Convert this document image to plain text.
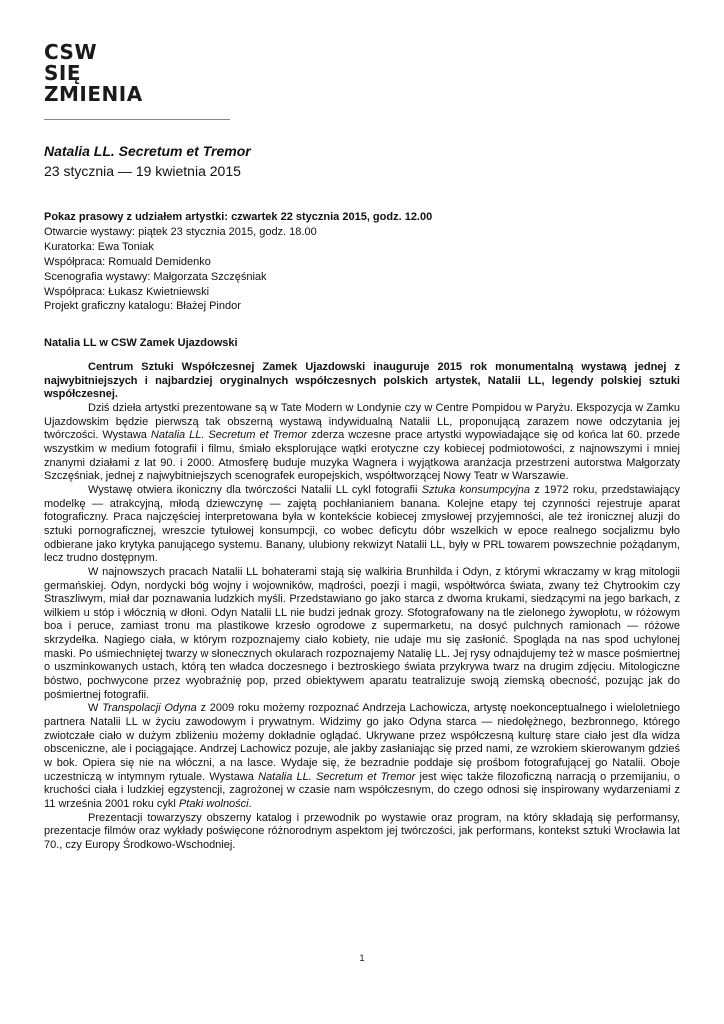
CSW
SIĘ
ZMIENIA
Natalia LL. Secretum et Tremor

23 stycznia — 19 kwietnia 2015

Pokaz prasowy z udziałem artystki: czwartek 22 stycznia 2015, godz. 12.00
Otwarcie wystawy: piątek 23 stycznia 2015, godz. 18.00
Kuratorka: Ewa Toniak
Współpraca: Romuald Demidenko
Scenografia wystawy: Małgorzata Szczęśniak
Współpraca: Łukasz Kwietniewski
Projekt graficzny katalogu: Błażej Pindor
Natalia LL w CSW Zamek Ujazdowski

Centrum Sztuki Współczesnej Zamek Ujazdowski inauguruje 2015 rok monumentalną wystawą jednej z najwybitniejszych i najbardziej oryginalnych współczesnych polskich artystek, Natalii LL, legendy polskiej sztuki współczesnej.

Dziś dzieła artystki prezentowane są w Tate Modern w Londynie czy w Centre Pompidou w Paryżu. Ekspozycja w Zamku Ujazdowskim będzie pierwszą tak obszerną wystawą indywidualną Natalii LL, proponującą zarazem nowe odczytania jej twórczości. Wystawa Natalia LL. Secretum et Tremor zderza wczesne prace artystki wypowiadające się od końca lat 60. przede wszystkim w medium fotografii i filmu, śmiało eksplorujące wątki erotyczne czy kobiecej podmiotowości, z najnowszymi i mniej znanymi działami z lat 90. i 2000. Atmosferę buduje muzyka Wagnera i wyjątkowa aranżacja przestrzeni autorstwa Małgorzaty Szczęśniak, jednej z najwybitniejszych scenografek europejskich, współtworzącej Nowy Teatr w Warszawie.

Wystawę otwiera ikoniczny dla twórczości Natalii LL cykl fotografii Sztuka konsumpcyjna z 1972 roku, przedstawiający modelkę — atrakcyjną, młodą dziewczynę — zajętą pochłanianiem banana. Kolejne etapy tej czynności rejestruje aparat fotograficzny. Praca najczęściej interpretowana była w kontekście kobiecej zmysłowej przyjemności, ale też ironicznej aluzji do sztuki pornograficznej, wreszcie tytułowej konsumpcji, co wobec deficytu dóbr wszelkich w epoce realnego socjalizmu było odbierane jako krytyka panującego systemu. Banany, ulubiony rekwizyt Natalii LL, były w PRL towarem powszechnie pożądanym, lecz trudno dostępnym.

W najnowszych pracach Natalii LL bohaterami stają się walkiria Brunhilda i Odyn, z którymi wkraczamy w krąg mitologii germańskiej. Odyn, nordycki bóg wojny i wojowników, mądrości, poezji i magii, współtwórca świata, zwany też Chytrookim czy Straszliwym, miał dar poznawania ludzkich myśli. Przedstawiano go jako starca z dwoma krukami, siedzącymi na jego barkach, z wilkiem u stóp i włócznią w dłoni. Odyn Natalii LL nie budzi jednak grozy. Sfotografowany na tle zielonego żywopłotu, w różowym boa i peruce, zamiast tronu ma plastikowe krzesło ogrodowe z supermarketu, na dosyć pulchnych ramionach — różowe skrzydełka. Nagiego ciała, w którym rozpoznajemy ciało kobiety, nie udaje mu się zasłonić. Spogląda na nas spod uchylonej maski. Po uśmiechniętej twarzy w słonecznych okularach rozpoznajemy Natalię LL. Jej rysy odnajdujemy też w masce pośmiertnej o uszminkowanych ustach, którą ten władca doczesnego i beztroskiego świata przykrywa twarz na drugim zdjęciu. Mitologiczne bóstwo, pochwycone przez wyobraźnię pop, przed obiektywem aparatu teatralizuje swoją ziemską obecność, pozując jak do pośmiertnej fotografii.

W Transpolacji Odyna z 2009 roku możemy rozpoznać Andrzeja Lachowicza, artystę noekonceptualnego i wieloletniego partnera Natalii LL w życiu zawodowym i prywatnym. Widzimy go jako Odyna starca — niedołężnego, bezbronnego, którego zwiotczałe ciało w dużym zbliżeniu możemy dokładnie oglądać. Ukrywane przez współczesną kulturę stare ciało jest dla widza obsceniczne, ale i pociągające. Andrzej Lachowicz pozuje, ale jakby zasłaniając się przed nami, ze wzrokiem skierowanym gdzieś w bok. Opiera się nie na włóczni, a na lasce. Wydaje się, że bezradnie poddaje się prośbom fotografującej go Natalii. Oboje uczestniczą w intymnym rytuale. Wystawa Natalia LL. Secretum et Tremor jest więc także filozoficzną narracją o przemijaniu, o kruchości ciała i ludzkiej egzystencji, zagrożonej w czasie nam współczesnym, do czego odnosi się inspirowany wydarzeniami z 11 września 2001 roku cykl Ptaki wolności.

Prezentacji towarzyszy obszerny katalog i przewodnik po wystawie oraz program, na który składają się performansy, prezentacje filmów oraz wykłady poświęcone różnorodnym aspektom jej twórczości, jak performans, kontekst sztuki Wrocławia lat 70., czy Europy Środkowo-Wschodniej.

1
